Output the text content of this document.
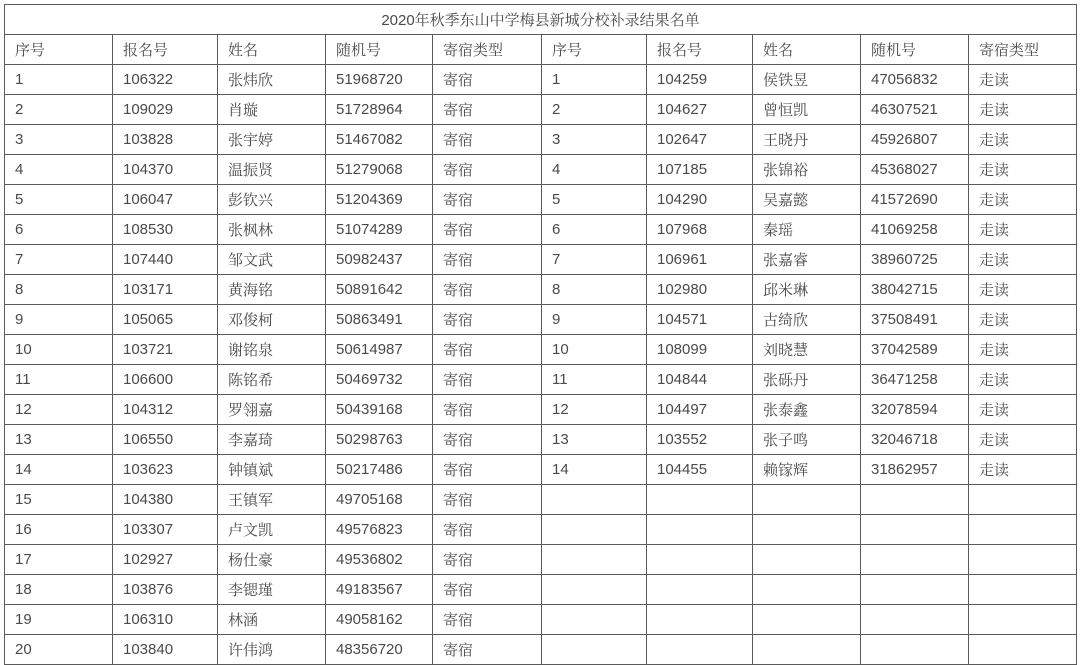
2020年秋季东山中学梅县新城分校补录结果名单									
序号	报名号	姓名	随机号	寄宿类型	序号	报名号	姓名	随机号	寄宿类型
1	106322	张炜欣	51968720	寄宿	1	104259	侯铁昱	47056832	走读
2	109029	肖璇	51728964	寄宿	2	104627	曾恒凯	46307521	走读
3	103828	张宇婷	51467082	寄宿	3	102647	王晓丹	45926807	走读
4	104370	温振贤	51279068	寄宿	4	107185	张锦裕	45368027	走读
5	106047	彭钦兴	51204369	寄宿	5	104290	吴嘉懿	41572690	走读
6	108530	张枫林	51074289	寄宿	6	107968	秦瑶	41069258	走读
7	107440	邹文武	50982437	寄宿	7	106961	张嘉睿	38960725	走读
8	103171	黄海铭	50891642	寄宿	8	102980	邱米琳	38042715	走读
9	105065	邓俊柯	50863491	寄宿	9	104571	古绮欣	37508491	走读
10	103721	谢铭泉	50614987	寄宿	10	108099	刘晓慧	37042589	走读
11	106600	陈铭希	50469732	寄宿	11	104844	张砾丹	36471258	走读
12	104312	罗翎嘉	50439168	寄宿	12	104497	张泰鑫	32078594	走读
13	106550	李嘉琦	50298763	寄宿	13	103552	张子鸣	32046718	走读
14	103623	钟镇斌	50217486	寄宿	14	104455	赖镓辉	31862957	走读
15	104380	王镇军	49705168	寄宿					
16	103307	卢文凯	49576823	寄宿					
17	102927	杨仕豪	49536802	寄宿					
18	103876	李锶瑾	49183567	寄宿					
19	106310	林涵	49058162	寄宿					
20	103840	许伟鸿	48356720	寄宿					
